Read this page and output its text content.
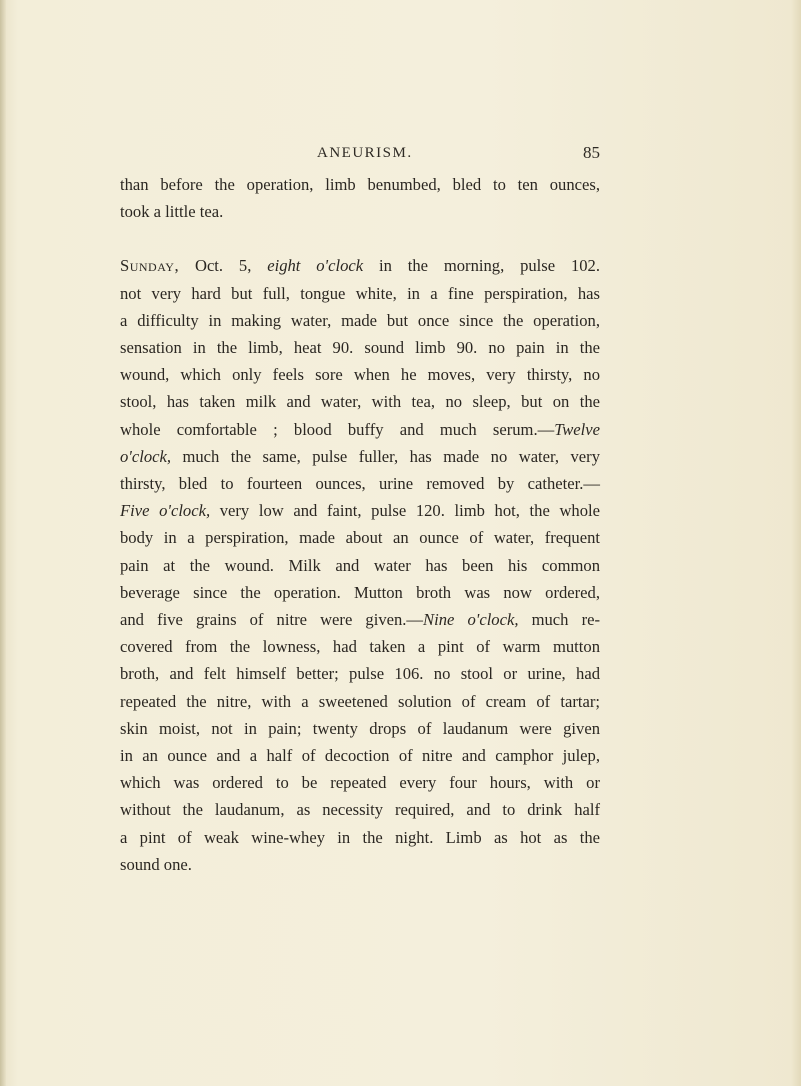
ANEURISM.	85

than before the operation, limb benumbed, bled to ten ounces,
took a little tea.

Sunday, Oct. 5, eight o'clock in the morning, pulse 102.
not very hard but full, tongue white, in a fine perspiration, has
a difficulty in making water, made but once since the operation,
sensation in the limb, heat 90. sound limb 90. no pain in the
wound, which only feels sore when he moves, very thirsty, no
stool, has taken milk and water, with tea, no sleep, but on the
whole comfortable ; blood buffy and much serum.—Twelve
o'clock, much the same, pulse fuller, has made no water, very
thirsty, bled to fourteen ounces, urine removed by catheter.—
Five o'clock, very low and faint, pulse 120. limb hot, the whole
body in a perspiration, made about an ounce of water, frequent
pain at the wound. Milk and water has been his common
beverage since the operation. Mutton broth was now ordered,
and five grains of nitre were given.—Nine o'clock, much re-
covered from the lowness, had taken a pint of warm mutton
broth, and felt himself better; pulse 106. no stool or urine, had
repeated the nitre, with a sweetened solution of cream of tartar;
skin moist, not in pain; twenty drops of laudanum were given
in an ounce and a half of decoction of nitre and camphor julep,
which was ordered to be repeated every four hours, with or
without the laudanum, as necessity required, and to drink half
a pint of weak wine-whey in the night. Limb as hot as the
sound one.
